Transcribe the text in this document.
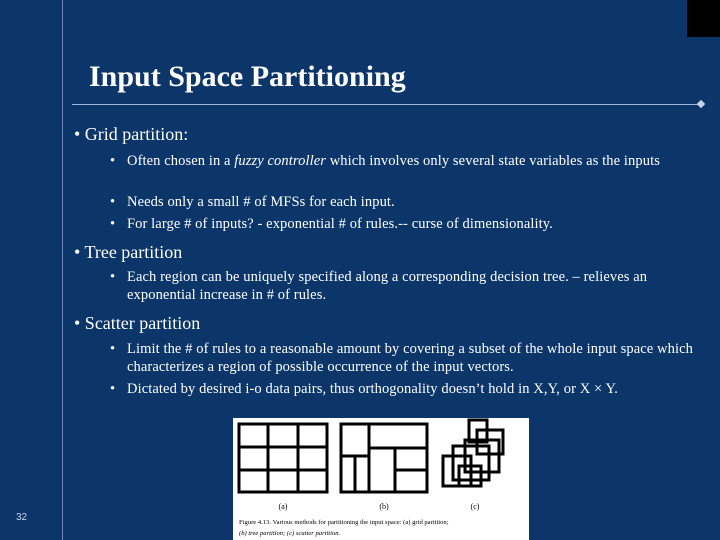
Input Space Partitioning
• Grid partition:
• Often chosen in a fuzzy controller which involves only several state variables as the inputs
• Needs only a small # of MFSs for each input.
• For large # of inputs? - exponential # of rules.-- curse of dimensionality.
• Tree partition
• Each region can be uniquely specified along a corresponding decision tree. – relieves an exponential increase in # of rules.
• Scatter partition
• Limit the # of rules to a reasonable amount by covering a subset of the whole input space which characterizes a region of possible occurrence of the input vectors.
• Dictated by desired i-o data pairs, thus orthogonality doesn’t hold in X,Y, or X × Y.
(a)	(b)	(c)
Figure 4.13. Various methods for partitioning the input space: (a) grid partition;
(b) tree partition; (c) scatter partition.
32
